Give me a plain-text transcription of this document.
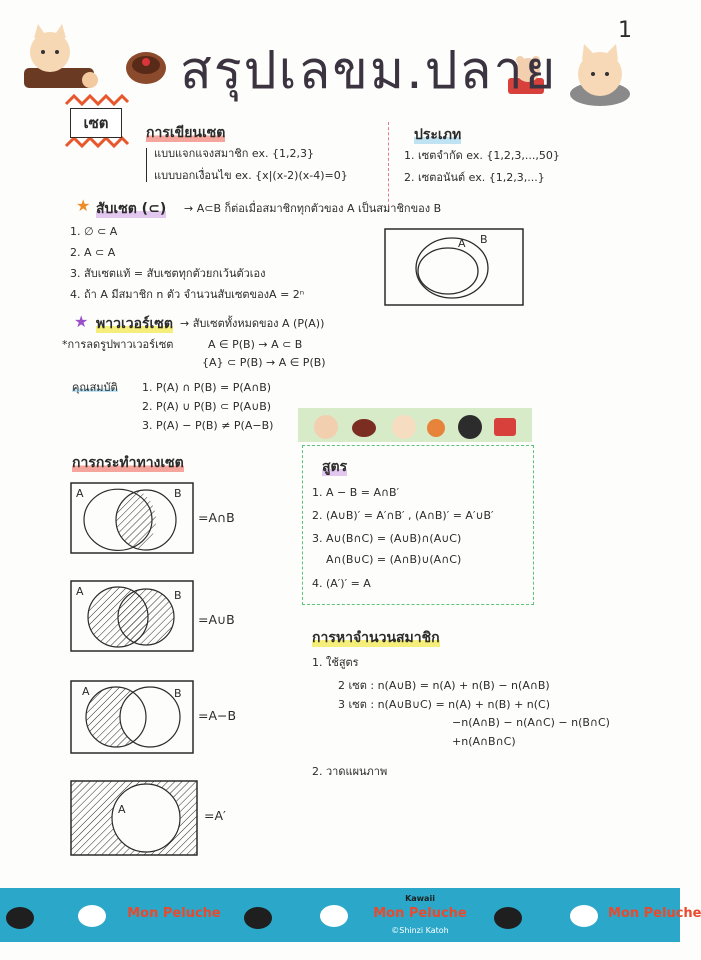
สรุปเลขม.ปลาย
1
เซต
การเขียนเซต
แบบแจกแจงสมาชิก ex. {1,2,3}
แบบบอกเงื่อนไข ex. {x|(x-2)(x-4)=0}
ประเภท
1. เซตจำกัด ex. {1,2,3,...,50}
2. เซตอนันต์ ex. {1,2,3,...}
★ สับเซต (⊂) → A⊂B ก็ต่อเมื่อสมาชิกทุกตัวของ A เป็นสมาชิกของ B
1. ∅ ⊂ A
2. A ⊂ A
3. สับเซตแท้ = สับเซตทุกตัวยกเว้นตัวเอง
4. ถ้า A มีสมาชิก n ตัว จำนวนสับเซตของA = 2ⁿ
A B
★ พาวเวอร์เซต → สับเซตทั้งหมดของ A (P(A))
*การลดรูปพาวเวอร์เซต	A ∈ P(B) → A ⊂ B
{A} ⊂ P(B) → A ∈ P(B)
คุณสมบัติ 1. P(A) ∩ P(B) = P(A∩B)
2. P(A) ∪ P(B) ⊂ P(A∪B)
3. P(A) − P(B) ≠ P(A−B)
การกระทำทางเซต
A	B
=A∩B
A	B
=A∪B
A	B
=A−B
A	=A′
สูตร
1. A − B = A∩B′
2. (A∪B)′ = A′∩B′ , (A∩B)′ = A′∪B′
3. A∪(B∩C) = (A∪B)∩(A∪C)
A∩(B∪C) = (A∩B)∪(A∩C)
4. (A′)′ = A
การหาจำนวนสมาชิก
1. ใช้สูตร
2 เซต : n(A∪B) = n(A) + n(B) − n(A∩B)
3 เซต : n(A∪B∪C) = n(A) + n(B) + n(C)
−n(A∩B) − n(A∩C) − n(B∩C)
+n(A∩B∩C)
2. วาดแผนภาพ
Kawaii
Mon Peluche
©Shinzi Katoh
Mon Peluche	Mon Peluche
